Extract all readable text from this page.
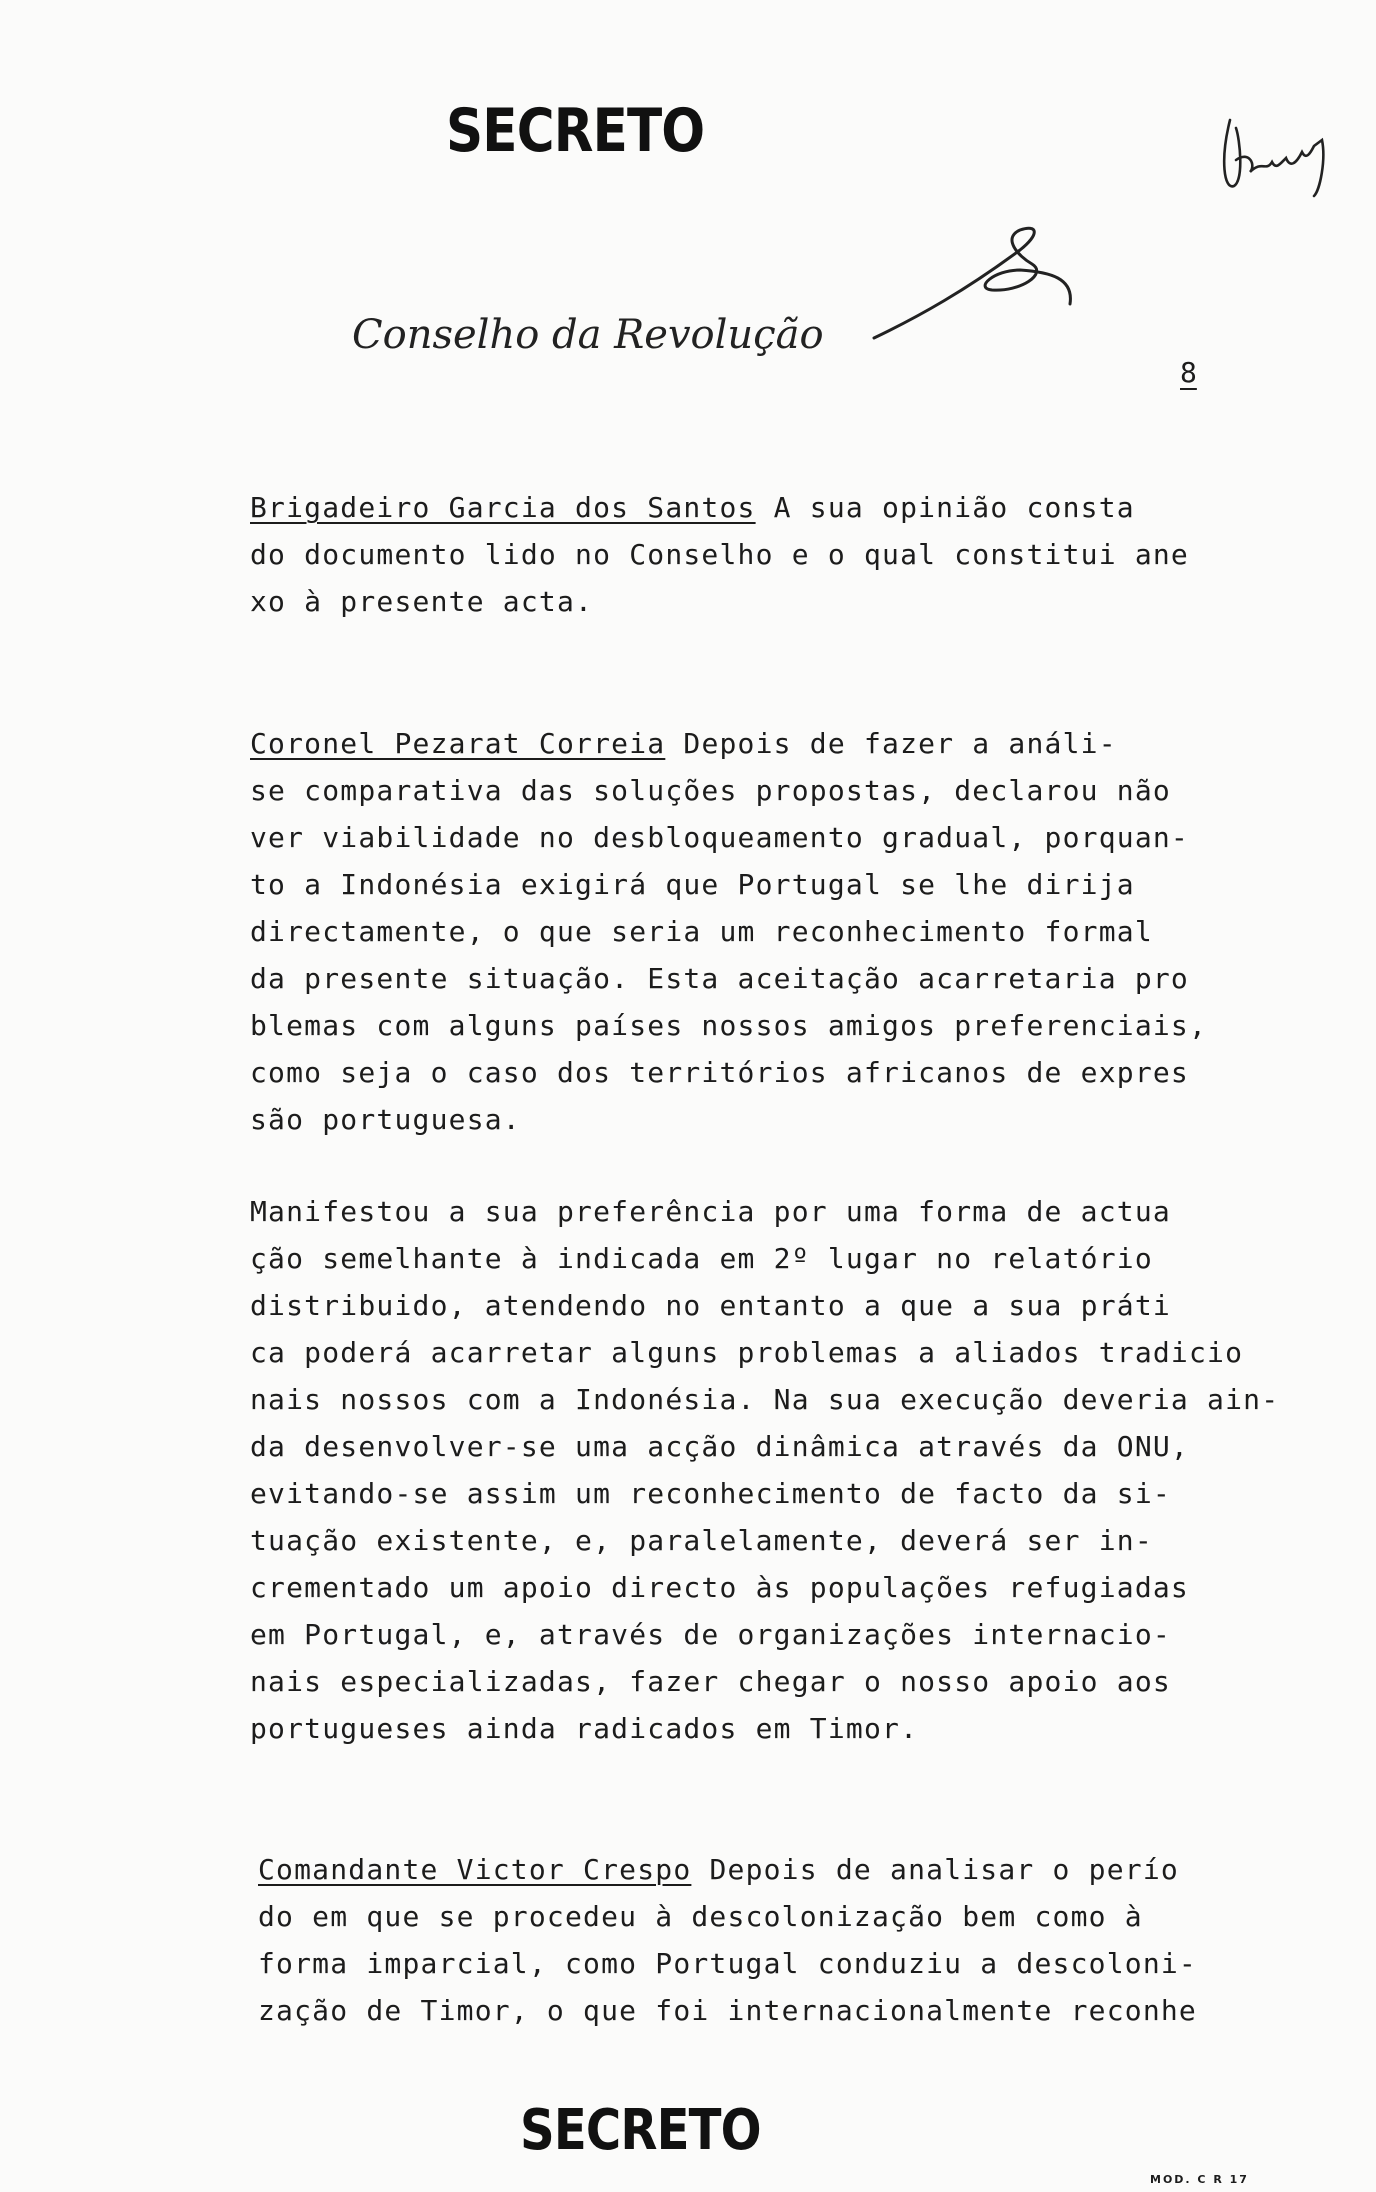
SECRETO
Conselho da Revolução
8
Brigadeiro Garcia dos Santos A sua opinião consta
do documento lido no Conselho e o qual constitui ane
xo à presente acta.
Coronel Pezarat Correia Depois de fazer a análi-
se comparativa das soluções propostas, declarou não
ver viabilidade no desbloqueamento gradual, porquan-
to a Indonésia exigirá que Portugal se lhe dirija
directamente, o que seria um reconhecimento formal
da presente situação. Esta aceitação acarretaria pro
blemas com alguns países nossos amigos preferenciais,
como seja o caso dos territórios africanos de expres
são portuguesa.
Manifestou a sua preferência por uma forma de actua
ção semelhante à indicada em 2º lugar no relatório
distribuido, atendendo no entanto a que a sua práti
ca poderá acarretar alguns problemas a aliados tradicio
nais nossos com a Indonésia. Na sua execução deveria ain-
da desenvolver-se uma acção dinâmica através da ONU,
evitando-se assim um reconhecimento de facto da si-
tuação existente, e, paralelamente, deverá ser in-
crementado um apoio directo às populações refugiadas
em Portugal, e, através de organizações internacio-
nais especializadas, fazer chegar o nosso apoio aos
portugueses ainda radicados em Timor.
Comandante Victor Crespo Depois de analisar o perío
do em que se procedeu à descolonização bem como à
forma imparcial, como Portugal conduziu a descoloni-
zação de Timor, o que foi internacionalmente reconhe
SECRETO
MOD. C R 17
